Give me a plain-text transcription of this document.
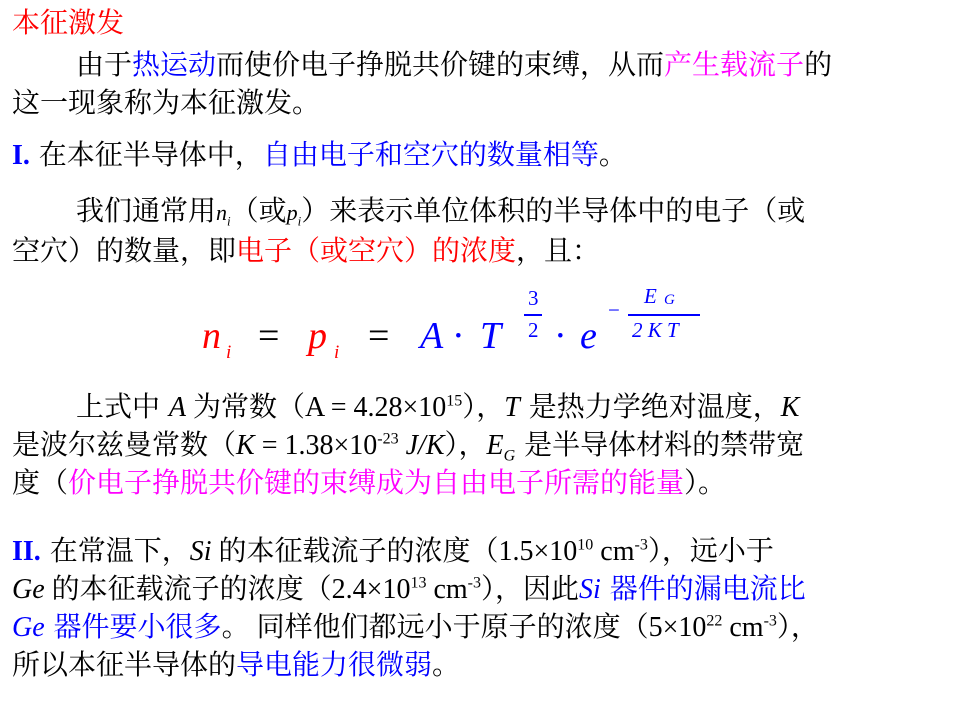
本征激发
由于热运动而使价电子挣脱共价键的束缚，从而产生载流子的
这一现象称为本征激发。
I. 在本征半导体中，自由电子和空穴的数量相等。
我们通常用$n_i$（或$p_i$）来表示单位体积的半导体中的电子（或
空穴）的数量，即电子（或空穴）的浓度，且：
n i = p i = A · T
3
2 · e
−
E G
2 K T
上式中 A 为常数$(A = 4.28\times 10^{15})$，T 是热力学绝对温度，K
是波尔兹曼常数（$K = 1.38\times 10^{-23}$ J/K），$E_G$ 是半导体材料的禁带宽
度（价电子挣脱共价键的束缚成为自由电子所需的能量）。
II. 在常温下，Si 的本征载流子的浓度（$1.5\times 10^{10}$ $cm^{-3}$），远小于
Ge 的本征载流子的浓度（$2.4\times 10^{13}$ $cm^{-3}$），因此Si 器件的漏电流比
Ge 器件要小很多。 同样他们都远小于原子的浓度（$5\times 10^{22}$ $cm^{-3}$），
所以本征半导体的导电能力很微弱。
